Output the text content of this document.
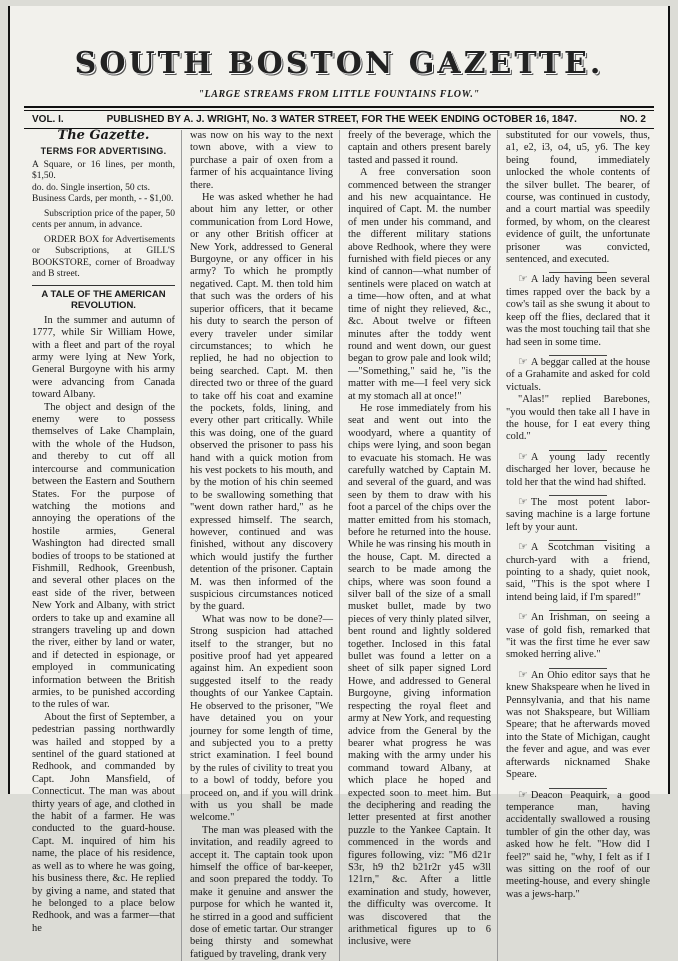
SOUTH BOSTON GAZETTE.
"LARGE STREAMS FROM LITTLE FOUNTAINS FLOW."
VOL. I.	PUBLISHED BY A. J. WRIGHT, No. 3 WATER STREET, FOR THE WEEK ENDING OCTOBER 16, 1847.	NO. 2
The Gazette.
TERMS FOR ADVERTISING.

A Square, or 16 lines, per month, $1,50.

do. do. Single insertion, 50 cts.

Business Cards, per month, - - $1,00.

Subscription price of the paper, 50 cents per annum, in advance.

ORDER BOX for Advertisements or Subscriptions, at GILL'S BOOKSTORE, corner of Broadway and B street.

A TALE OF THE AMERICAN REVOLUTION.

In the summer and autumn of 1777, while Sir William Howe, with a fleet and part of the royal army were lying at New York, General Burgoyne with his army were advancing from Canada toward Albany.

The object and design of the enemy were to possess themselves of Lake Champlain, with the whole of the Hudson, and thereby to cut off all intercourse and communication between the Eastern and Southern States. For the purpose of watching the motions and annoying the operations of the hostile armies, General Washington had directed small bodies of troops to be stationed at Fishmill, Redhook, Greenbush, and several other places on the east side of the river, between New York and Albany, with strict orders to take up and examine all strangers traveling up and down the river, either by land or water, and if detected in espionage, or employed in communicating information between the British armies, to be punished according to the rules of war.

About the first of September, a pedestrian passing northwardly was hailed and stopped by a sentinel of the guard stationed at Redhook, and commanded by Capt. John Mansfield, of Connecticut. The man was about thirty years of age, and clothed in the habit of a farmer. He was conducted to the guard-house. Capt. M. inquired of him his name, the place of his residence, as well as to where he was going, his business there, &c. He replied by giving a name, and stated that he belonged to a place below Redhook, and was a farmer—that he

was now on his way to the next town above, with a view to purchase a pair of oxen from a farmer of his acquaintance living there.

He was asked whether he had about him any letter, or other communication from Lord Howe, or any other British officer at New York, addressed to General Burgoyne, or any officer in his army? To which he promptly negatived. Capt. M. then told him that such was the orders of his superior officers, that it became his duty to search the person of every traveler under similar circumstances; to which he replied, he had no objection to being searched. Capt. M. then directed two or three of the guard to take off his coat and examine the pockets, folds, lining, and every other part critically. While this was doing, one of the guard observed the prisoner to pass his hand with a quick motion from his vest pockets to his mouth, and by the motion of his chin seemed to be swallowing something that "went down rather hard," as he expressed himself. The search, however, continued and was finished, without any discovery which would justify the further detention of the prisoner. Captain M. was then informed of the suspicious circumstances noticed by the guard.

What was now to be done?—Strong suspicion had attached itself to the stranger, but no positive proof had yet appeared against him. An expedient soon suggested itself to the ready thoughts of our Yankee Captain. He observed to the prisoner, "We have detained you on your journey for some length of time, and subjected you to a pretty strict examination. I feel bound by the rules of civility to treat you to a bowl of toddy, before you proceed on, and if you will drink with us you shall be made welcome."

The man was pleased with the invitation, and readily agreed to accept it. The captain took upon himself the office of bar-keeper, and soon prepared the toddy. To make it genuine and answer the purpose for which he wanted it, he stirred in a good and sufficient dose of emetic tartar. Our stranger being thirsty and somewhat fatigued by traveling, drank very

freely of the beverage, which the captain and others present barely tasted and passed it round.

A free conversation soon commenced between the stranger and his new acquaintance. He inquired of Capt. M. the number of men under his command, and the different military stations above Redhook, where they were furnished with field pieces or any kind of cannon—what number of sentinels were placed on watch at a time—how often, and at what time of night they relieved, &c., &c. About twelve or fifteen minutes after the toddy went round and went down, our guest began to grow pale and look wild;—"Something," said he, "is the matter with me—I feel very sick at my stomach all at once!"

He rose immediately from his seat and went out into the woodyard, where a quantity of chips were lying, and soon began to evacuate his stomach. He was carefully watched by Captain M. and several of the guard, and was seen by them to draw with his foot a parcel of the chips over the matter emitted from his stomach, before he returned into the house. While he was rinsing his mouth in the house, Capt. M. directed a search to be made among the chips, where was soon found a silver ball of the size of a small musket bullet, made by two pieces of very thinly plated silver, bent round and lightly soldered together. Inclosed in this fatal bullet was found a letter on a sheet of silk paper signed Lord Howe, and addressed to General Burgoyne, giving information respecting the royal fleet and army at New York, and requesting advice from the General by the bearer what progress he was making with the army under his command toward Albany, at which place he hoped and expected soon to meet him. But the deciphering and reading the letter presented at first another puzzle to the Yankee Captain. It commenced in the words and figures following, viz: "M6 d21r S3r, h9 th2 b21r2r y45 w3ll 121rn," &c. After a little examination and study, however, the difficulty was overcome. It was discovered that the arithmetical figures up to 6 inclusive, were

substituted for our vowels, thus, a1, e2, i3, o4, u5, y6. The key being found, immediately unlocked the whole contents of the silver bullet. The bearer, of course, was continued in custody, and a court martial was speedily formed, by whom, on the clearest evidence of guilt, the unfortunate prisoner was convicted, sentenced, and executed.

☞ A lady having been several times rapped over the back by a cow's tail as she swung it about to keep off the flies, declared that it was the most touching tail that she had seen in some time.

☞ A beggar called at the house of a Grahamite and asked for cold victuals.

"Alas!" replied Barebones, "you would then take all I have in the house, for I eat every thing cold."

☞ A young lady recently discharged her lover, because he told her that the wind had shifted.

☞ The most potent labor-saving machine is a large fortune left by your aunt.

☞ A Scotchman visiting a church-yard with a friend, pointing to a shady, quiet nook, said, "This is the spot where I intend being laid, if I'm spared!"

☞ An Irishman, on seeing a vase of gold fish, remarked that "it was the first time he ever saw smoked herring alive."

☞ An Ohio editor says that he knew Shakspeare when he lived in Pennsylvania, and that his name was not Shakspeare, but William Speare; that he afterwards moved into the State of Michigan, caught the fever and ague, and was ever afterwards nicknamed Shake Speare.

☞ Deacon Peaquirk, a good temperance man, having accidentally swallowed a rousing tumbler of gin the other day, was asked how he felt. "How did I feel?" said he, "why, I felt as if I was sitting on the roof of our meeting-house, and every shingle was a jews-harp."
